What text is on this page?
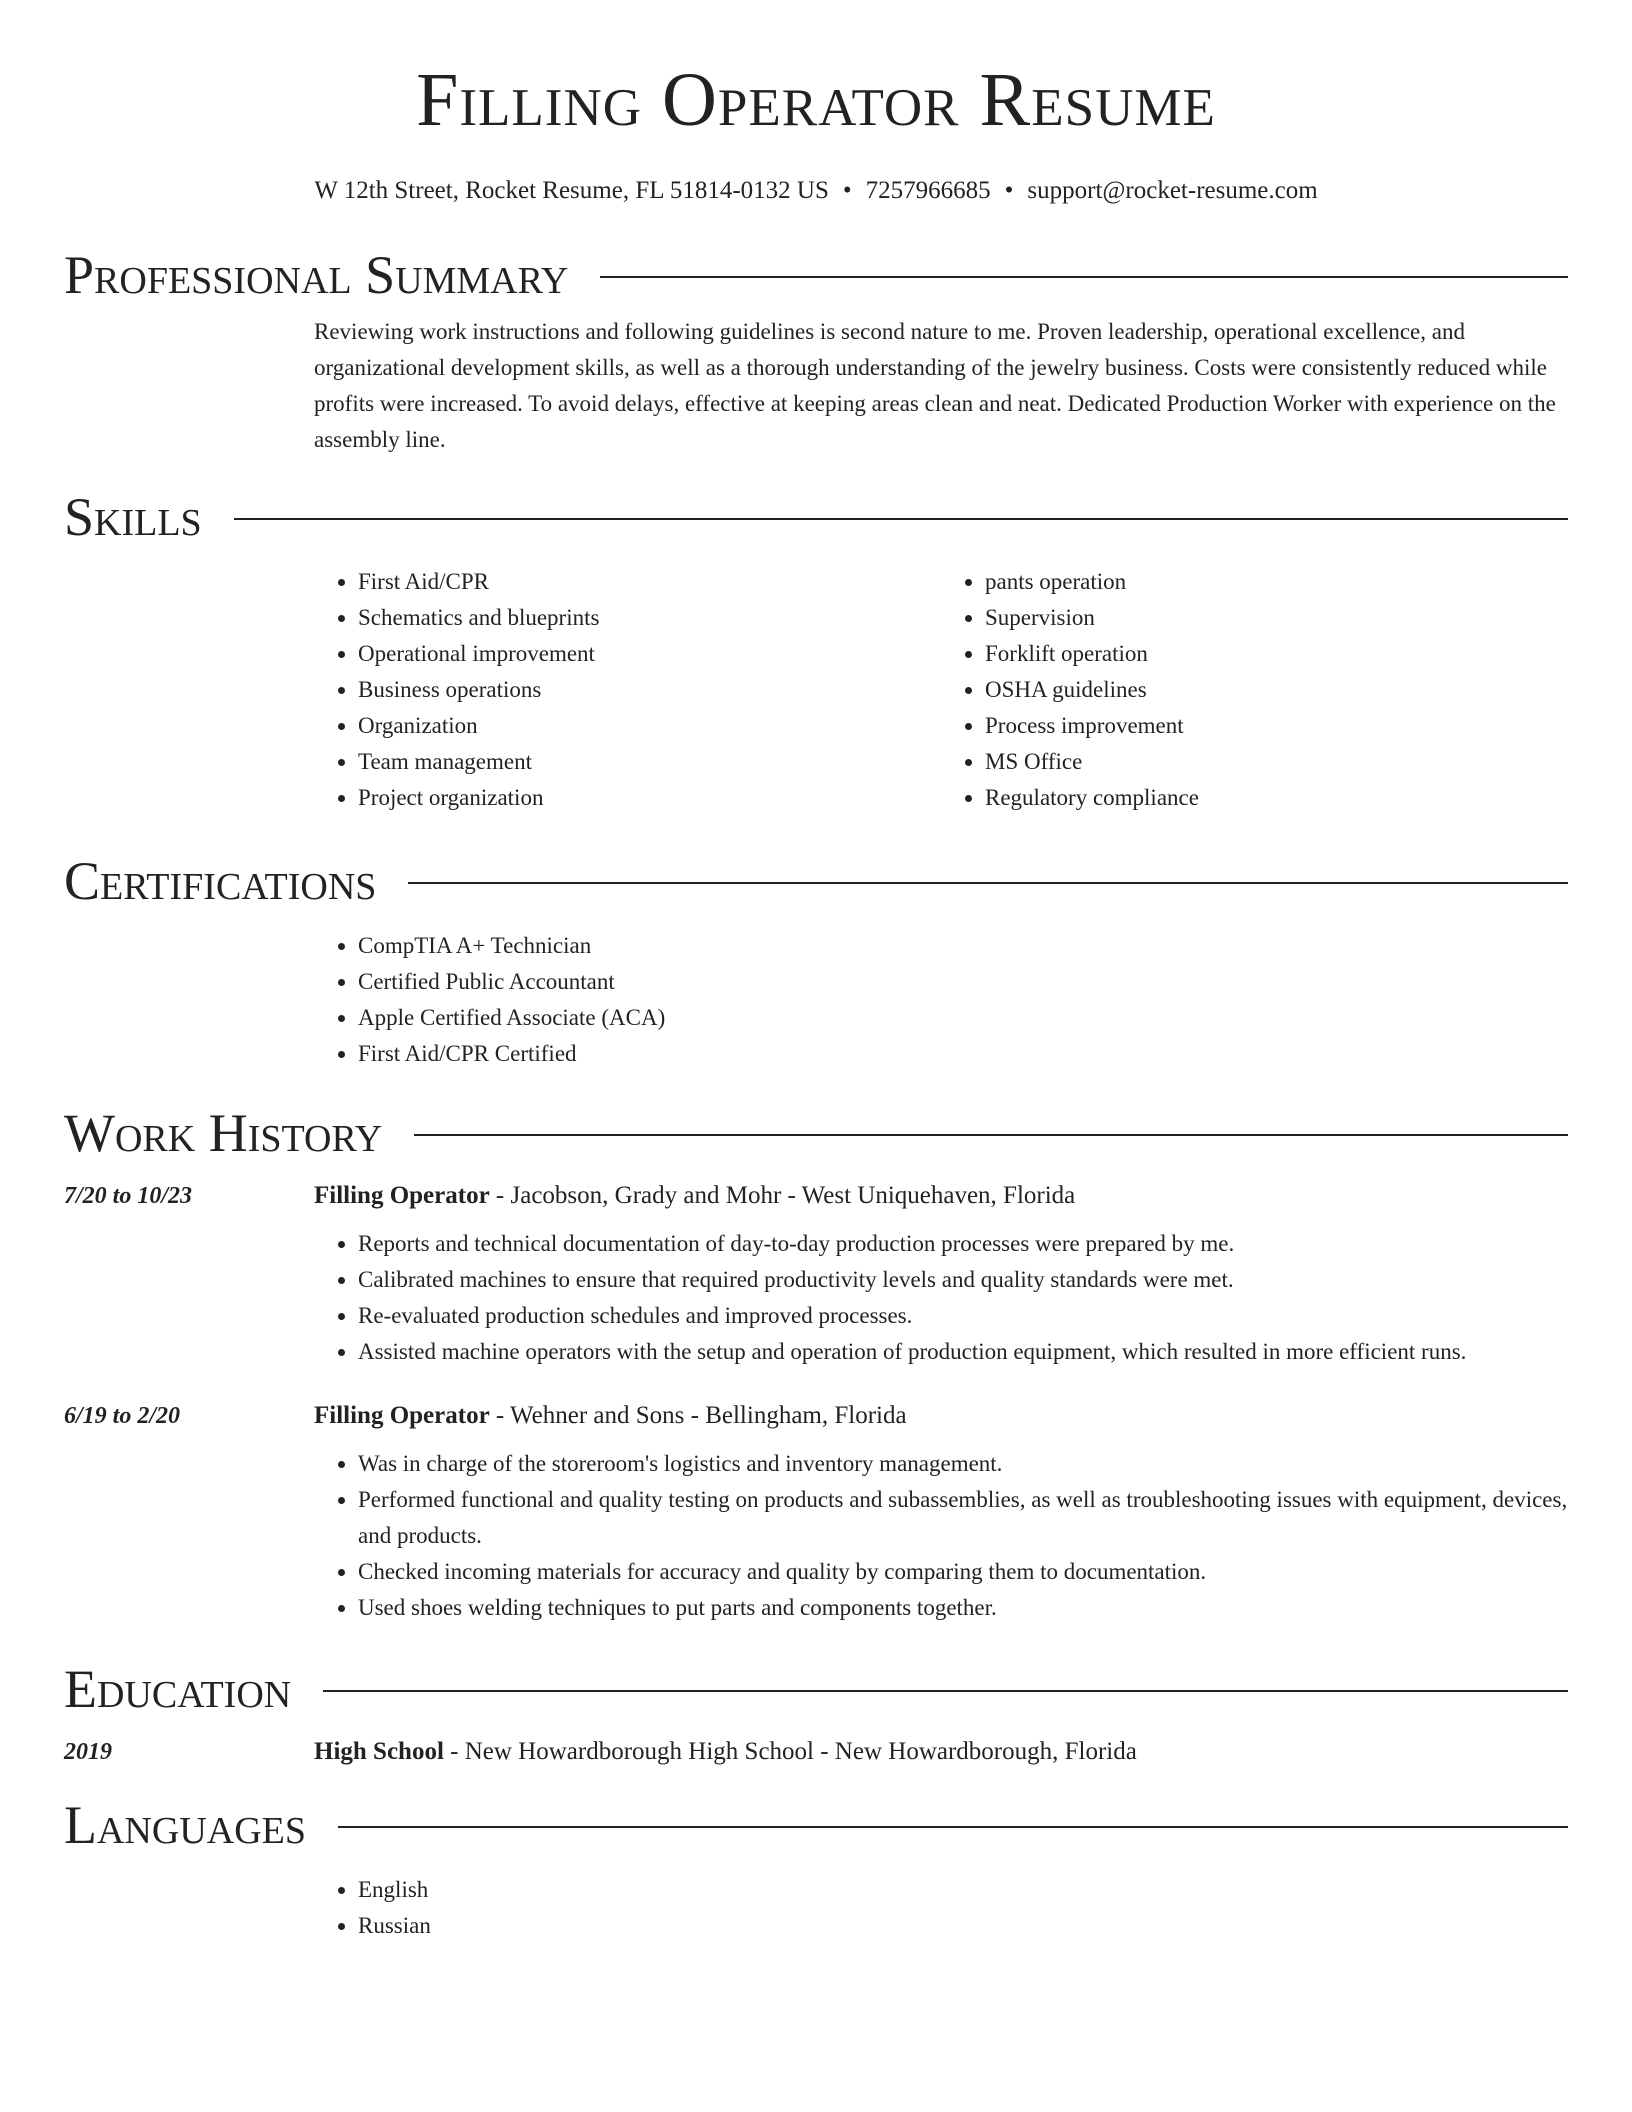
Filling Operator Resume
W 12th Street, Rocket Resume, FL 51814-0132 US • 7257966685 • support@rocket-resume.com
Professional Summary

Reviewing work instructions and following guidelines is second nature to me. Proven leadership, operational excellence, and organizational development skills, as well as a thorough understanding of the jewelry business. Costs were consistently reduced while profits were increased. To avoid delays, effective at keeping areas clean and neat. Dedicated Production Worker with experience on the assembly line.

Skills
• First Aid/CPR
• Schematics and blueprints
• Operational improvement
• Business operations
• Organization
• Team management
• Project organization
• pants operation
• Supervision
• Forklift operation
• OSHA guidelines
• Process improvement
• MS Office
• Regulatory compliance
Certifications
• CompTIA A+ Technician
• Certified Public Accountant
• Apple Certified Associate (ACA)
• First Aid/CPR Certified
Work History
7/20 to 10/23	Filling Operator - Jacobson, Grady and Mohr - West Uniquehaven, Florida
• Reports and technical documentation of day-to-day production processes were prepared by me.
• Calibrated machines to ensure that required productivity levels and quality standards were met.
• Re-evaluated production schedules and improved processes.
• Assisted machine operators with the setup and operation of production equipment, which resulted in more efficient runs.
6/19 to 2/20	Filling Operator - Wehner and Sons - Bellingham, Florida
• Was in charge of the storeroom's logistics and inventory management.
• Performed functional and quality testing on products and subassemblies, as well as troubleshooting issues with equipment, devices, and products.
• Checked incoming materials for accuracy and quality by comparing them to documentation.
• Used shoes welding techniques to put parts and components together.
Education
2019	High School - New Howardborough High School - New Howardborough, Florida
Languages
• English
• Russian
